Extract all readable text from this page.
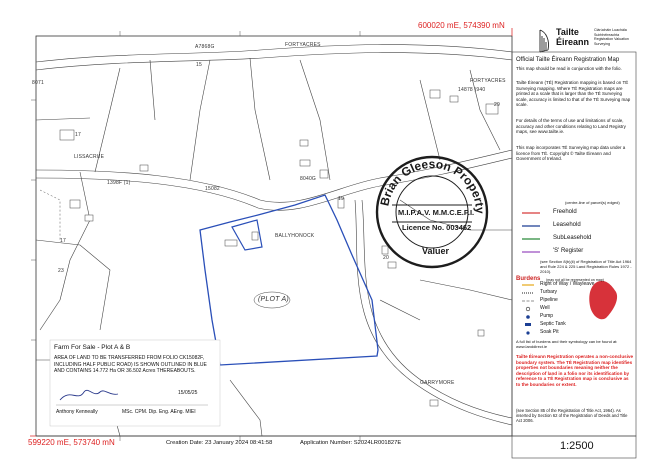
Brian Gleeson Property
600020 mE, 574390 mN
599220 mE, 573740 mN
FORTYACRES
FORTYACRES
LISSACRUE
BALLYHONOCK
GARRYMORE
15082
8040G
A7868G
14878 )940
1398F (1)
20
29
17
17
23
19
15
8071
(PLOT A)
M.I.P.A.V. M.M.C.E.P.I.
Licence No. 003462
Valuer
Farm For Sale - Plot A & B
AREA OF LAND TO BE TRANSFERRED FROM FOLIO CK15082F, INCLUDING HALF PUBLIC ROAD) IS SHOWN OUTLINED IN BLUE AND CONTAINS 14.772 Ha OR 36.502 Acres THEREABOUTS.
15/05/25
Anthony Kenneally	MSc. CPM. Dip. Eng. AEng. MIEI
Tailte
Éireann
Clárúcháin Luachála Suirbhéireachta Registration Valuation Surveying
Official Tailte Éireann Registration Map
This map should be read in conjunction with the folio.
Tailte Éireann (TÉ) Registration mapping is based on TÉ Surveying mapping. Where TÉ Registration maps are printed at a scale that is larger than the TÉ Surveying scale, accuracy is limited to that of the TÉ Surveying map scale.
For details of the terms of use and limitations of scale, accuracy and other conditions relating to Land Registry maps, see www.tailte.ie.
This map incorporates TÉ Surveying map data under a licence from TÉ. Copyright © Tailte Éireann and Government of Ireland.
(centre-line of parcel(s) edged)
Freehold
Leasehold
SubLeasehold
'S' Register
(see Section 8(b)(ii) of Registration of Title Act 1964 and Rule 224 & 225 Land Registration Rules 1972 - 2010).
Burdens (may not all be represented on map)
Right of Way / Wayleave
Turbary
Pipeline
Well
Pump
Septic Tank
Soak Pit
A full list of burdens and their symbology can be found at: www.landdirect.ie
Tailte Éireann Registration operates a non-conclusive boundary system. The TÉ Registration map identifies properties not boundaries meaning neither the description of land in a folio nor its identification by reference to a TÉ Registration map is conclusive as to the boundaries or extent.
(see Section 85 of the Registration of Title Act, 1964). As inserted by Section 62 of the Registration of Deeds and Title Act 2006.
Creation Date: 23 January 2024 08:41:58	Application Number: S2024LR001827E	1:2500
